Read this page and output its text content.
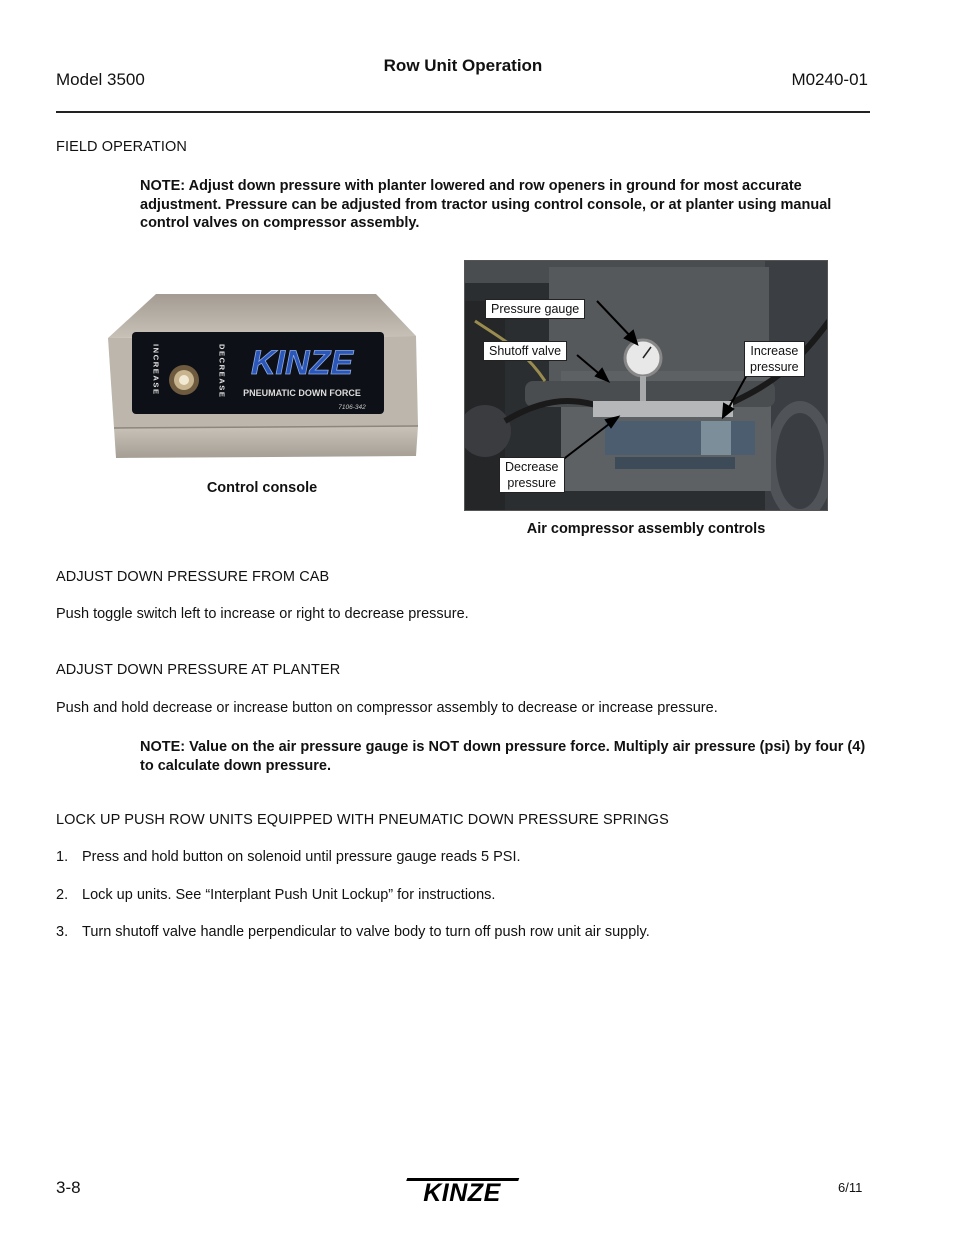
Model 3500
Row Unit Operation
M0240-01
FIELD OPERATION
NOTE: Adjust down pressure with planter lowered and row openers in ground for most accurate adjustment. Pressure can be adjusted from tractor using control console, or at planter using manual control valves on compressor assembly.
INCREASE	DECREASE KINZE
PNEUMATIC DOWN FORCE
7106-342
Control console
Pressure gauge
Shutoff valve	Increase
pressure
Decrease
pressure
Air compressor assembly controls
ADJUST DOWN PRESSURE FROM CAB
Push toggle switch left to increase or right to decrease pressure.
ADJUST DOWN PRESSURE AT PLANTER
Push and hold decrease or increase button on compressor assembly to decrease or increase pressure.
NOTE: Value on the air pressure gauge is NOT down pressure force. Multiply air pressure (psi) by four (4) to calculate down pressure.
LOCK UP PUSH ROW UNITS EQUIPPED WITH PNEUMATIC DOWN PRESSURE SPRINGS
1. Press and hold button on solenoid until pressure gauge reads 5 PSI.
2. Lock up units. See “Interplant Push Unit Lockup” for instructions.
3. Turn shutoff valve handle perpendicular to valve body to turn off push row unit air supply.
3-8	KINZE	6/11
